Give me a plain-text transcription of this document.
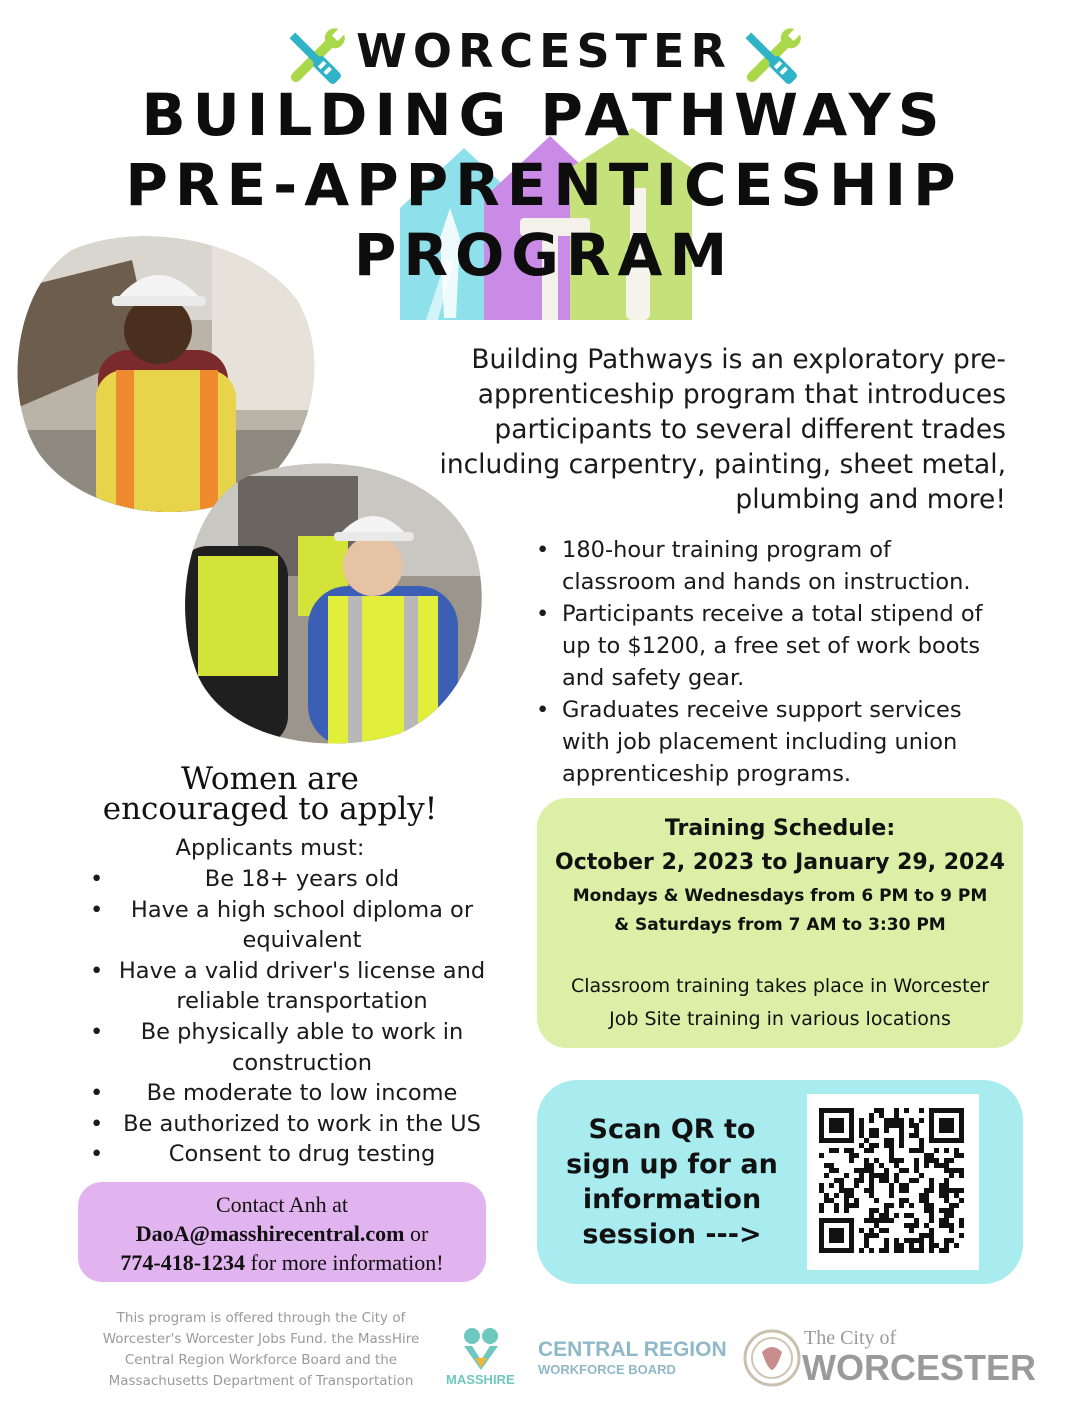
WORCESTER
BUILDING PATHWAYS
PRE-APPRENTICESHIP
PROGRAM
Building Pathways is an exploratory pre-apprenticeship program that introduces participants to several different trades including carpentry, painting, sheet metal, plumbing and more!
• 180-hour training program of classroom and hands on instruction.
• Participants receive a total stipend of up to $1200, a free set of work boots and safety gear.
• Graduates receive support services with job placement including union apprenticeship programs.
Women are
encouraged to apply!
Applicants must:
• Be 18+ years old
• Have a high school diploma or equivalent
• Have a valid driver's license and reliable transportation
• Be physically able to work in construction
• Be moderate to low income
• Be authorized to work in the US
• Consent to drug testing
Contact Anh at
DaoA@masshirecentral.com or
774-418-1234 for more information!
Training Schedule:
October 2, 2023 to January 29, 2024
Mondays & Wednesdays from 6 PM to 9 PM
& Saturdays from 7 AM to 3:30 PM
Classroom training takes place in Worcester
Job Site training in various locations
Scan QR to
sign up for an
information
session --->
This program is offered through the City of Worcester's Worcester Jobs Fund. the MassHire Central Region Workforce Board and the Massachusetts Department of Transportation	MASSHIRE
CENTRAL REGION
WORKFORCE BOARD
The City of
WORCESTER
